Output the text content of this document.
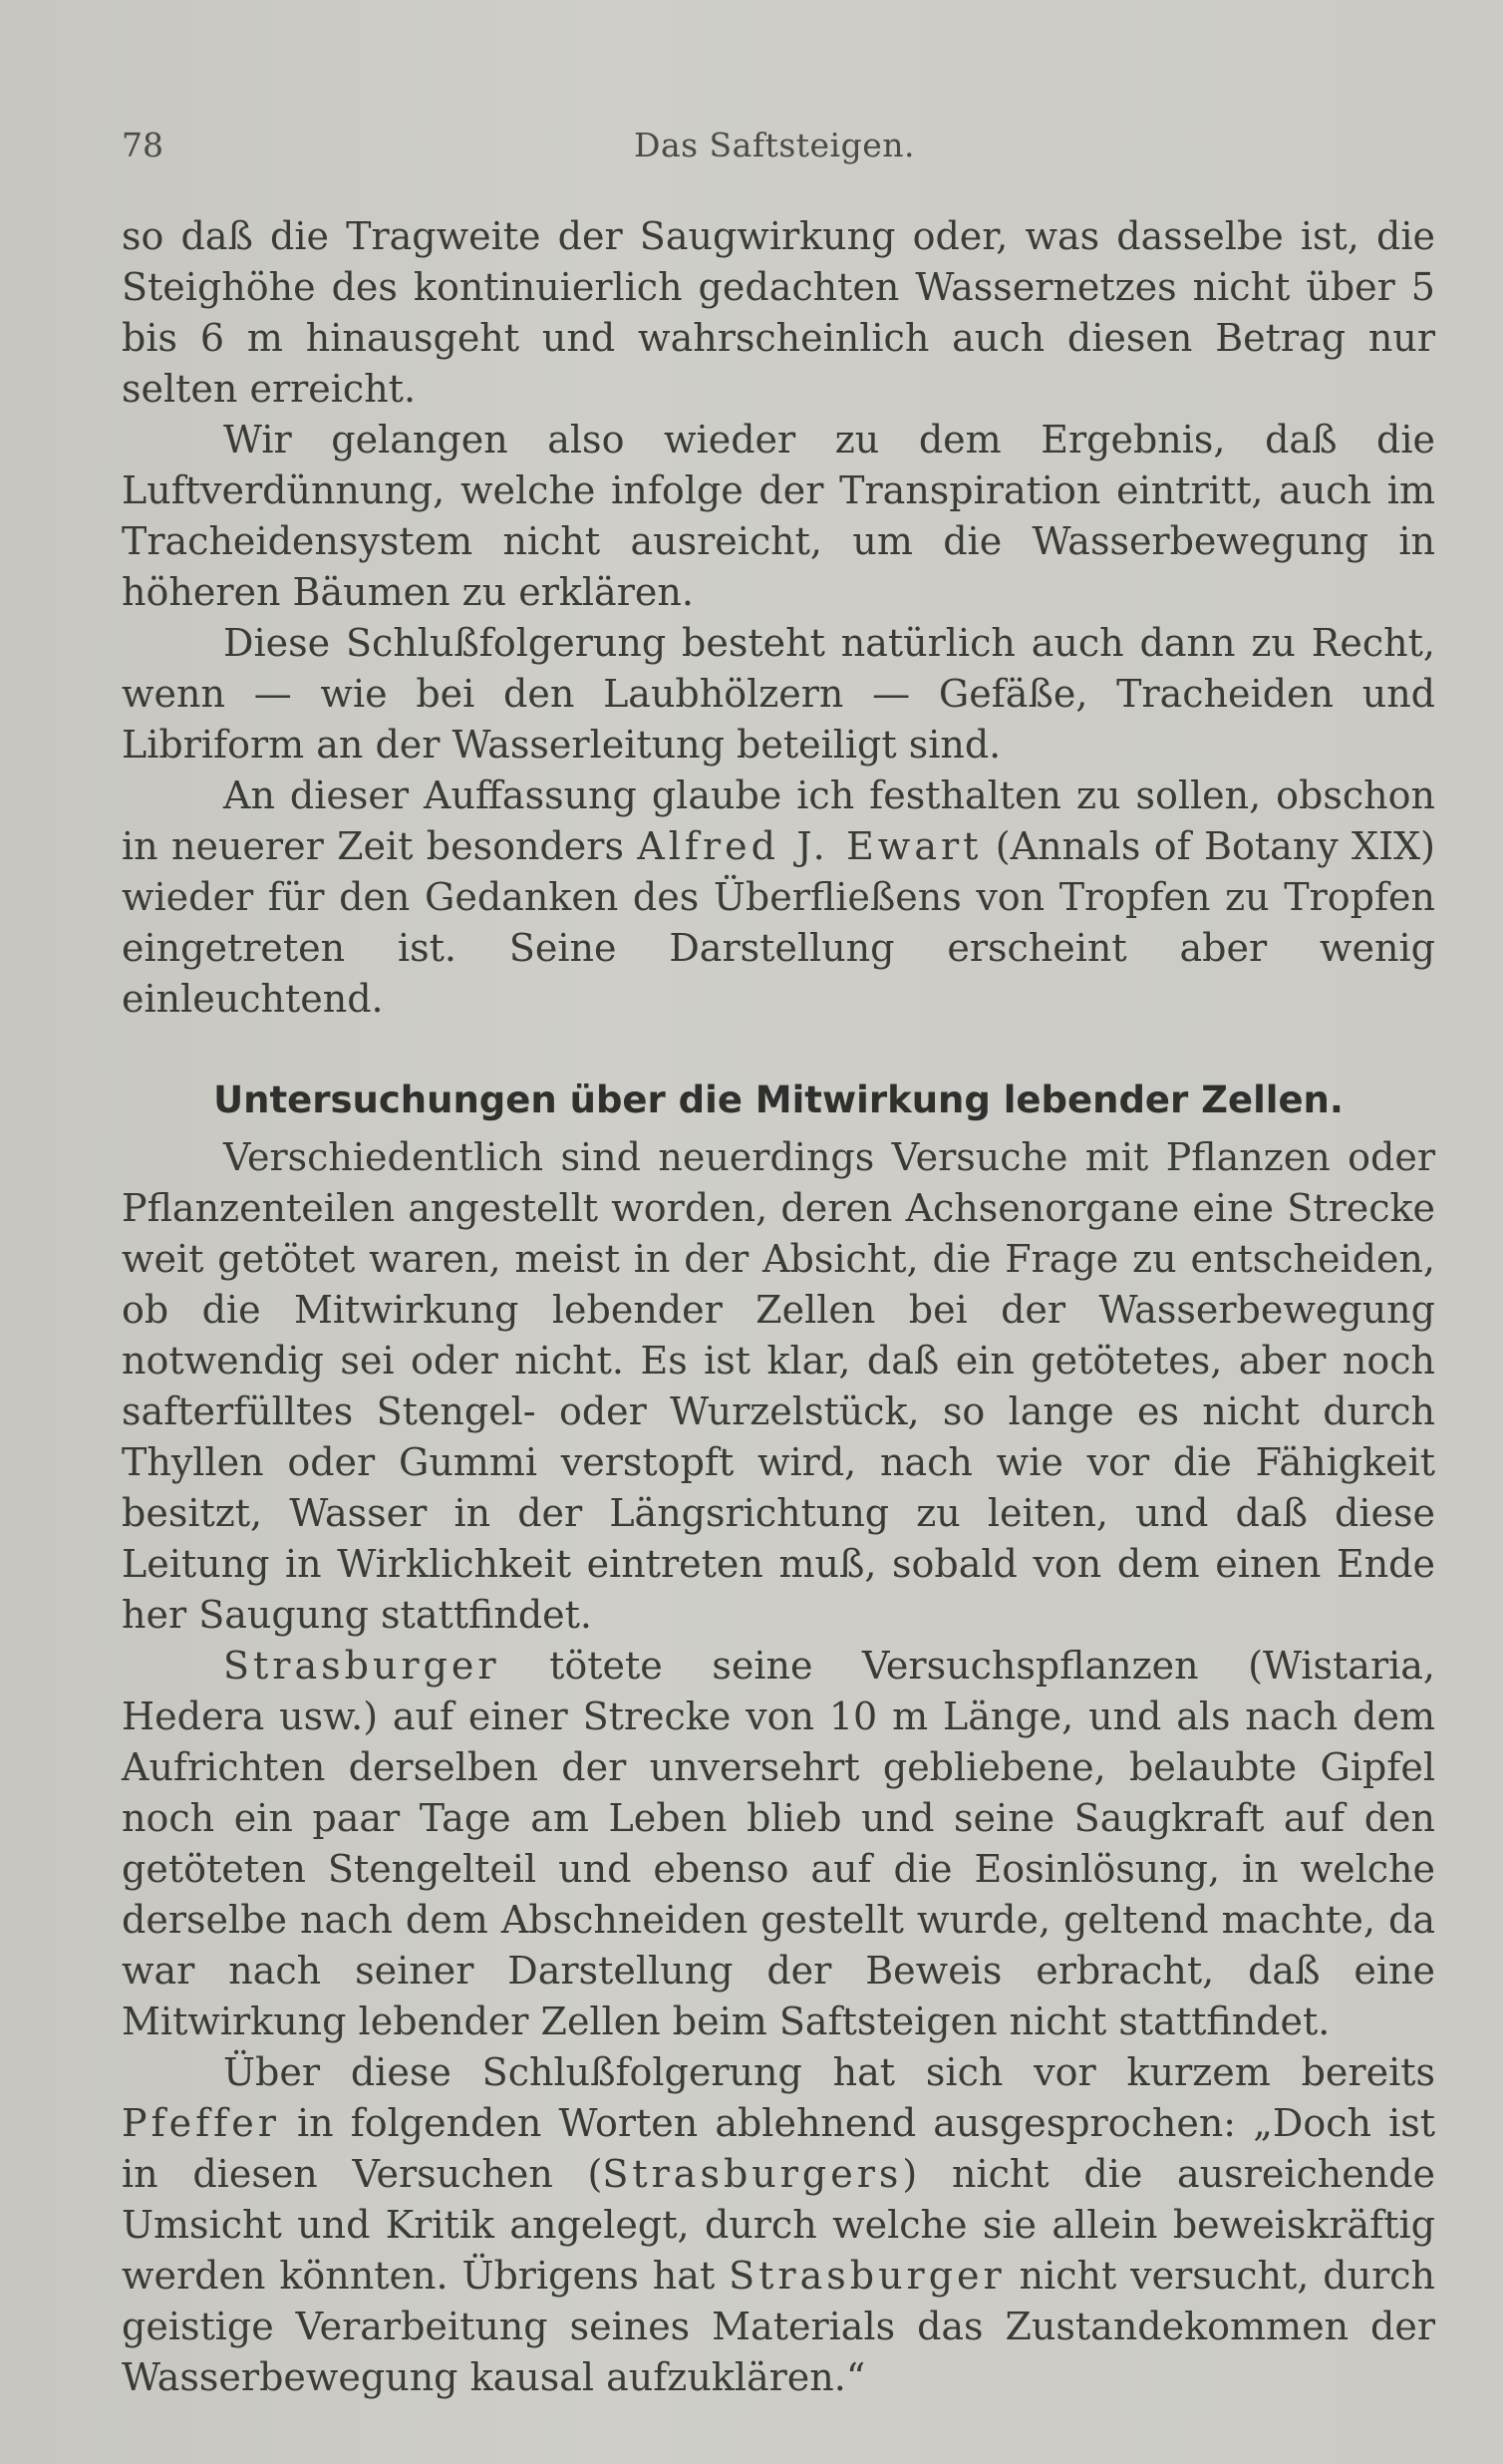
78	Das Saftsteigen.

so daß die Tragweite der Saugwirkung oder, was dasselbe ist, die Steighöhe des kontinuierlich gedachten Wassernetzes nicht über 5 bis 6 m hinausgeht und wahrscheinlich auch diesen Betrag nur selten erreicht.

Wir gelangen also wieder zu dem Ergebnis, daß die Luftverdünnung, welche infolge der Transpiration eintritt, auch im Tracheidensystem nicht ausreicht, um die Wasserbewegung in höheren Bäumen zu erklären.

Diese Schlußfolgerung besteht natürlich auch dann zu Recht, wenn — wie bei den Laubhölzern — Gefäße, Tracheiden und Libriform an der Wasserleitung beteiligt sind.

An dieser Auffassung glaube ich festhalten zu sollen, obschon in neuerer Zeit besonders Alfred J. Ewart (Annals of Botany XIX) wieder für den Gedanken des Überfließens von Tropfen zu Tropfen eingetreten ist. Seine Darstellung erscheint aber wenig einleuchtend.

Untersuchungen über die Mitwirkung lebender Zellen.

Verschiedentlich sind neuerdings Versuche mit Pflanzen oder Pflanzenteilen angestellt worden, deren Achsenorgane eine Strecke weit getötet waren, meist in der Absicht, die Frage zu entscheiden, ob die Mitwirkung lebender Zellen bei der Wasserbewegung notwendig sei oder nicht. Es ist klar, daß ein getötetes, aber noch safterfülltes Stengel- oder Wurzelstück, so lange es nicht durch Thyllen oder Gummi verstopft wird, nach wie vor die Fähigkeit besitzt, Wasser in der Längsrichtung zu leiten, und daß diese Leitung in Wirklichkeit eintreten muß, sobald von dem einen Ende her Saugung stattfindet.

Strasburger tötete seine Versuchspflanzen (Wistaria, Hedera usw.) auf einer Strecke von 10 m Länge, und als nach dem Aufrichten derselben der unversehrt gebliebene, belaubte Gipfel noch ein paar Tage am Leben blieb und seine Saugkraft auf den getöteten Stengelteil und ebenso auf die Eosinlösung, in welche derselbe nach dem Abschneiden gestellt wurde, geltend machte, da war nach seiner Darstellung der Beweis erbracht, daß eine Mitwirkung lebender Zellen beim Saftsteigen nicht stattfindet.

Über diese Schlußfolgerung hat sich vor kurzem bereits Pfeffer in folgenden Worten ablehnend ausgesprochen: „Doch ist in diesen Versuchen (Strasburgers) nicht die ausreichende Umsicht und Kritik angelegt, durch welche sie allein beweiskräftig werden könnten. Übrigens hat Strasburger nicht versucht, durch geistige Verarbeitung seines Materials das Zustandekommen der Wasserbewegung kausal aufzuklären.“
